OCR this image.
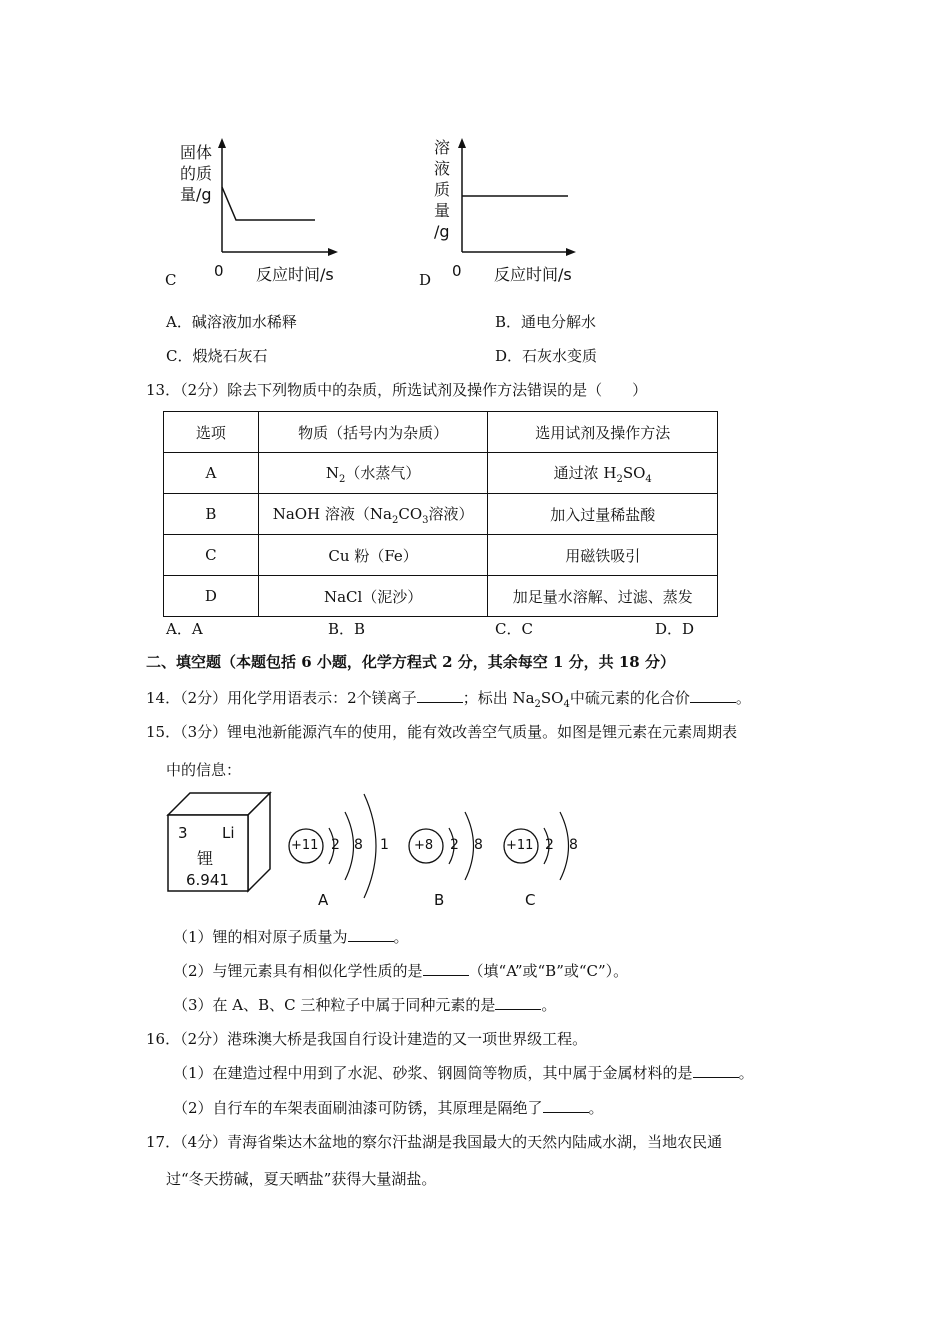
固体
的质
量/g
0 反应时间/s
C
溶
液
质
量
/g
0 反应时间/s
D
A．碱溶液加水稀释	B．通电分解水
C．煅烧石灰石	D．石灰水变质
13．（2分）除去下列物质中的杂质，所选试剂及操作方法错误的是（　　）
选项	物质（括号内为杂质）	选用试剂及操作方法
A	$N_2$（水蒸气）	通过浓 $H_2SO_4$
B	NaOH 溶液（$Na_2CO_3$溶液）	加入过量稀盐酸
C	Cu 粉（Fe）	用磁铁吸引
D	NaCl（泥沙）	加足量水溶解、过滤、蒸发
A．A	B．B	C．C	D．D
二、填空题（本题包括 6 小题，化学方程式 2 分，其余每空 1 分，共 18 分）
14．（2分）用化学用语表示：2个镁离子	；标出 $Na_2SO_4$中硫元素的化合价	。
15．（3分）锂电池新能源汽车的使用，能有效改善空气质量。如图是锂元素在元素周期表
中的信息：
3 Li
锂
6.941
+11 2 8 1
A
+8 2 8
B
+11 2 8
C
（1）锂的相对原子质量为	。
（2）与锂元素具有相似化学性质的是	（填“A”或“B”或“C”）。
（3）在 A、B、C 三种粒子中属于同种元素的是	。
16．（2分）港珠澳大桥是我国自行设计建造的又一项世界级工程。
（1）在建造过程中用到了水泥、砂浆、钢圆筒等物质，其中属于金属材料的是	。
（2）自行车的车架表面刷油漆可防锈，其原理是隔绝了	。
17．（4分）青海省柴达木盆地的察尔汗盐湖是我国最大的天然内陆咸水湖，当地农民通
过“冬天捞碱，夏天晒盐”获得大量湖盐。
